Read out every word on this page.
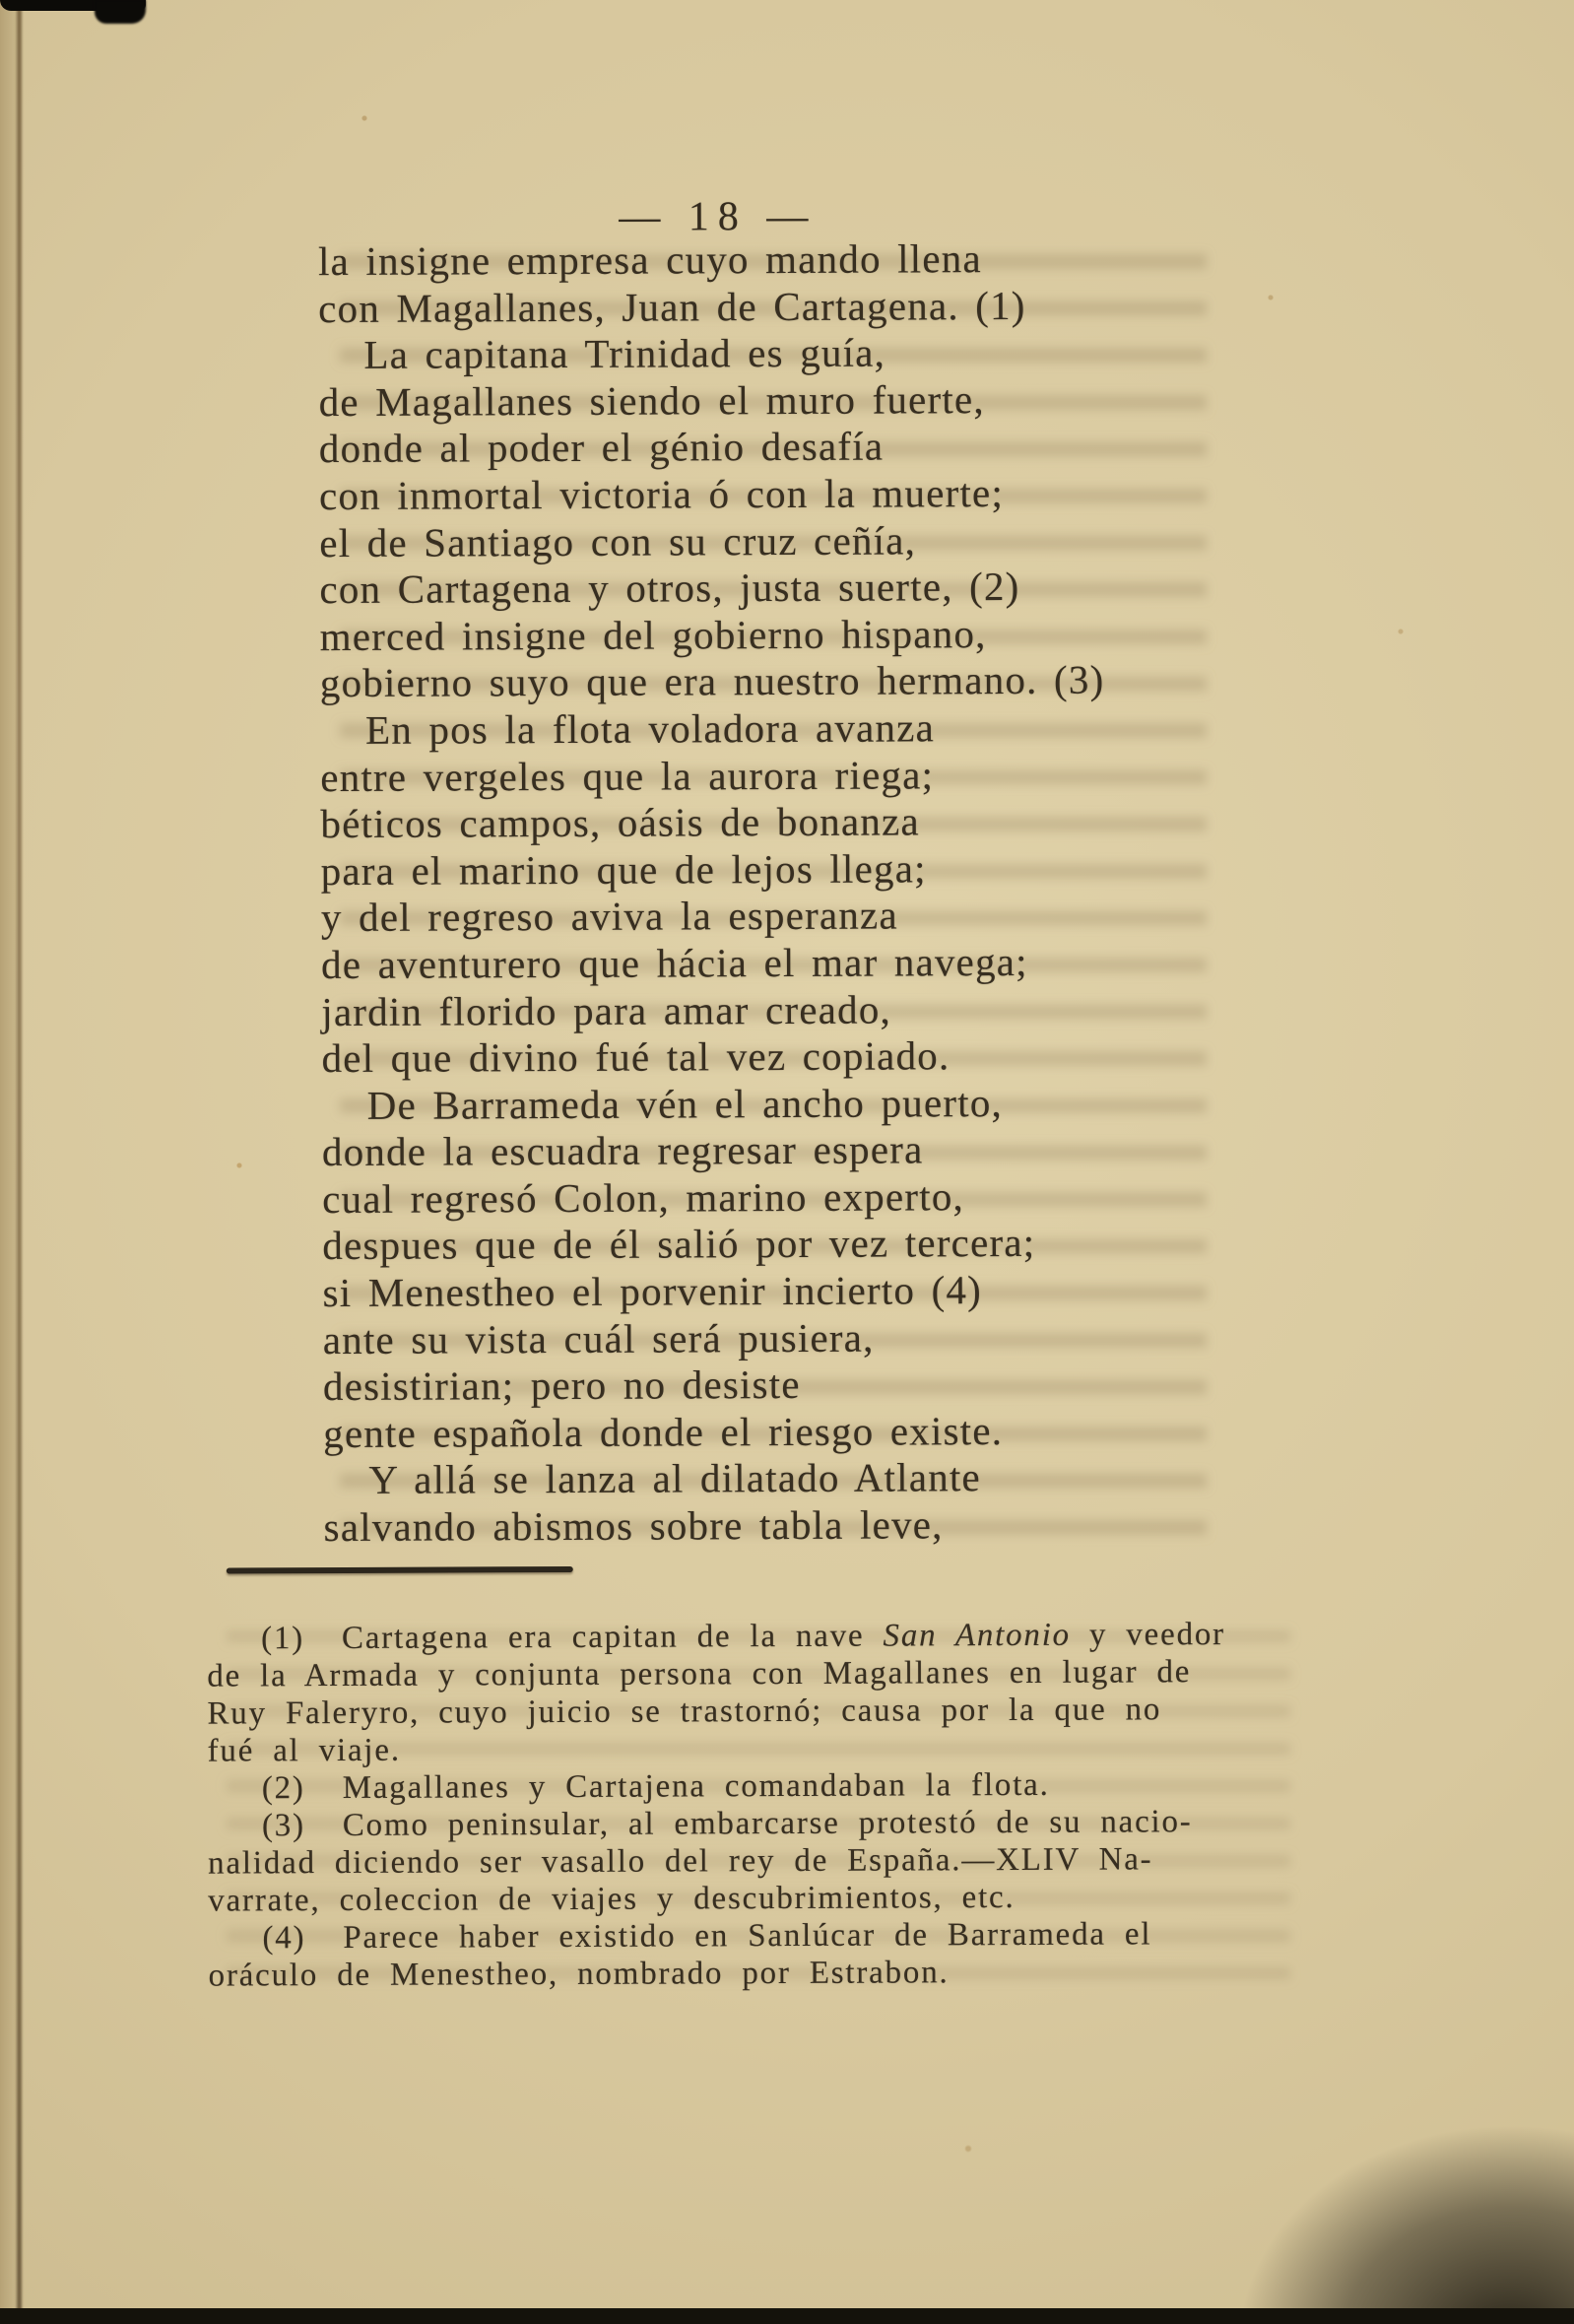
— 18 —
la insigne empresa cuyo mando llena
con Magallanes, Juan de Cartagena. (1)
La capitana Trinidad es guía,
de Magallanes siendo el muro fuerte,
donde al poder el génio desafía
con inmortal victoria ó con la muerte;
el de Santiago con su cruz ceñía,
con Cartagena y otros, justa suerte, (2)
merced insigne del gobierno hispano,
gobierno suyo que era nuestro hermano. (3)
En pos la flota voladora avanza
entre vergeles que la aurora riega;
béticos campos, oásis de bonanza
para el marino que de lejos llega;
y del regreso aviva la esperanza
de aventurero que hácia el mar navega;
jardin florido para amar creado,
del que divino fué tal vez copiado.
De Barrameda vén el ancho puerto,
donde la escuadra regresar espera
cual regresó Colon, marino experto,
despues que de él salió por vez tercera;
si Menestheo el porvenir incierto (4)
ante su vista cuál será pusiera,
desistirian; pero no desiste
gente española donde el riesgo existe.
Y allá se lanza al dilatado Atlante
salvando abismos sobre tabla leve,
(1) Cartagena era capitan de la nave San Antonio y veedor
de la Armada y conjunta persona con Magallanes en lugar de
Ruy Faleryro, cuyo juicio se trastornó; causa por la que no
fué al viaje.
(2) Magallanes y Cartajena comandaban la flota.
(3) Como peninsular, al embarcarse protestó de su nacio-
nalidad diciendo ser vasallo del rey de España.—XLIV Na-
varrate, coleccion de viajes y descubrimientos, etc.
(4) Parece haber existido en Sanlúcar de Barrameda el
oráculo de Menestheo, nombrado por Estrabon.
